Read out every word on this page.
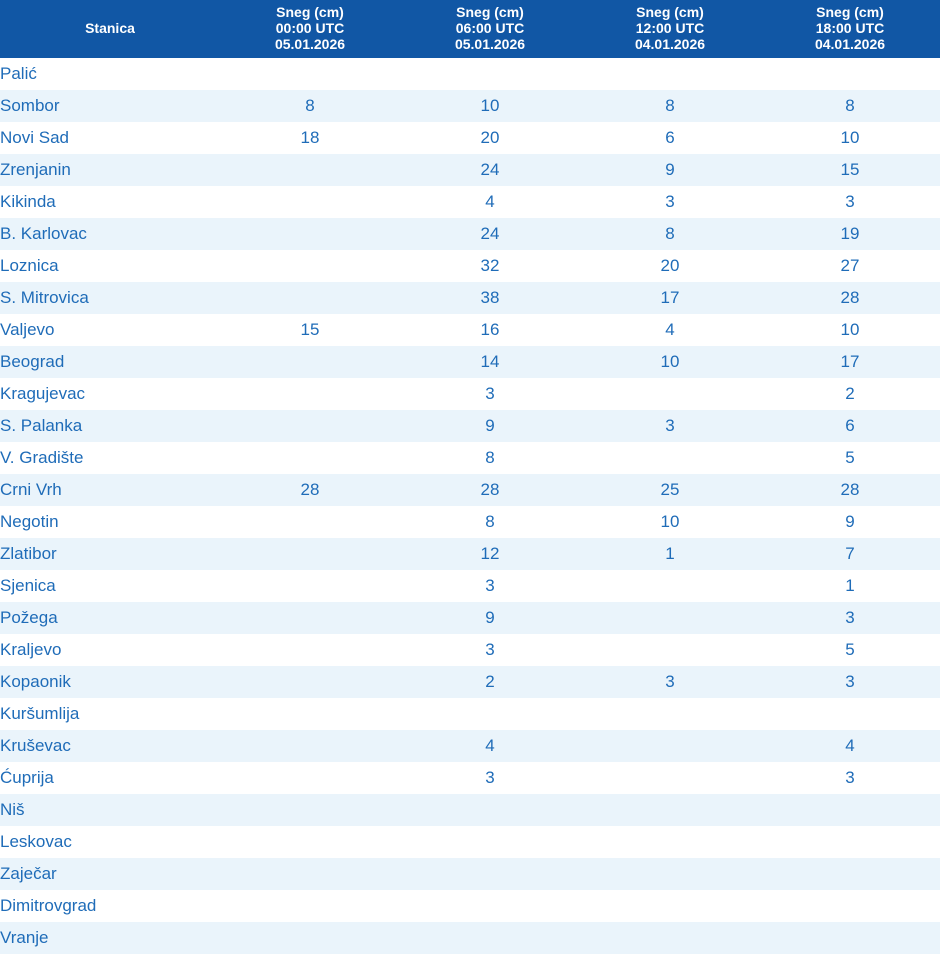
Stanica	Sneg (cm)
00:00 UTC
05.01.2026	Sneg (cm)
06:00 UTC
05.01.2026	Sneg (cm)
12:00 UTC
04.01.2026	Sneg (cm)
18:00 UTC
04.01.2026

Palić				
Sombor	8	10	8	8
Novi Sad	18	20	6	10
Zrenjanin		24	9	15
Kikinda		4	3	3
B. Karlovac		24	8	19
Loznica		32	20	27
S. Mitrovica		38	17	28
Valjevo	15	16	4	10
Beograd		14	10	17
Kragujevac		3		2
S. Palanka		9	3	6
V. Gradište		8		5
Crni Vrh	28	28	25	28
Negotin		8	10	9
Zlatibor		12	1	7
Sjenica		3		1
Požega		9		3
Kraljevo		3		5
Kopaonik		2	3	3
Kuršumlija				
Kruševac		4		4
Ćuprija		3		3
Niš				
Leskovac				
Zaječar				
Dimitrovgrad				
Vranje				
